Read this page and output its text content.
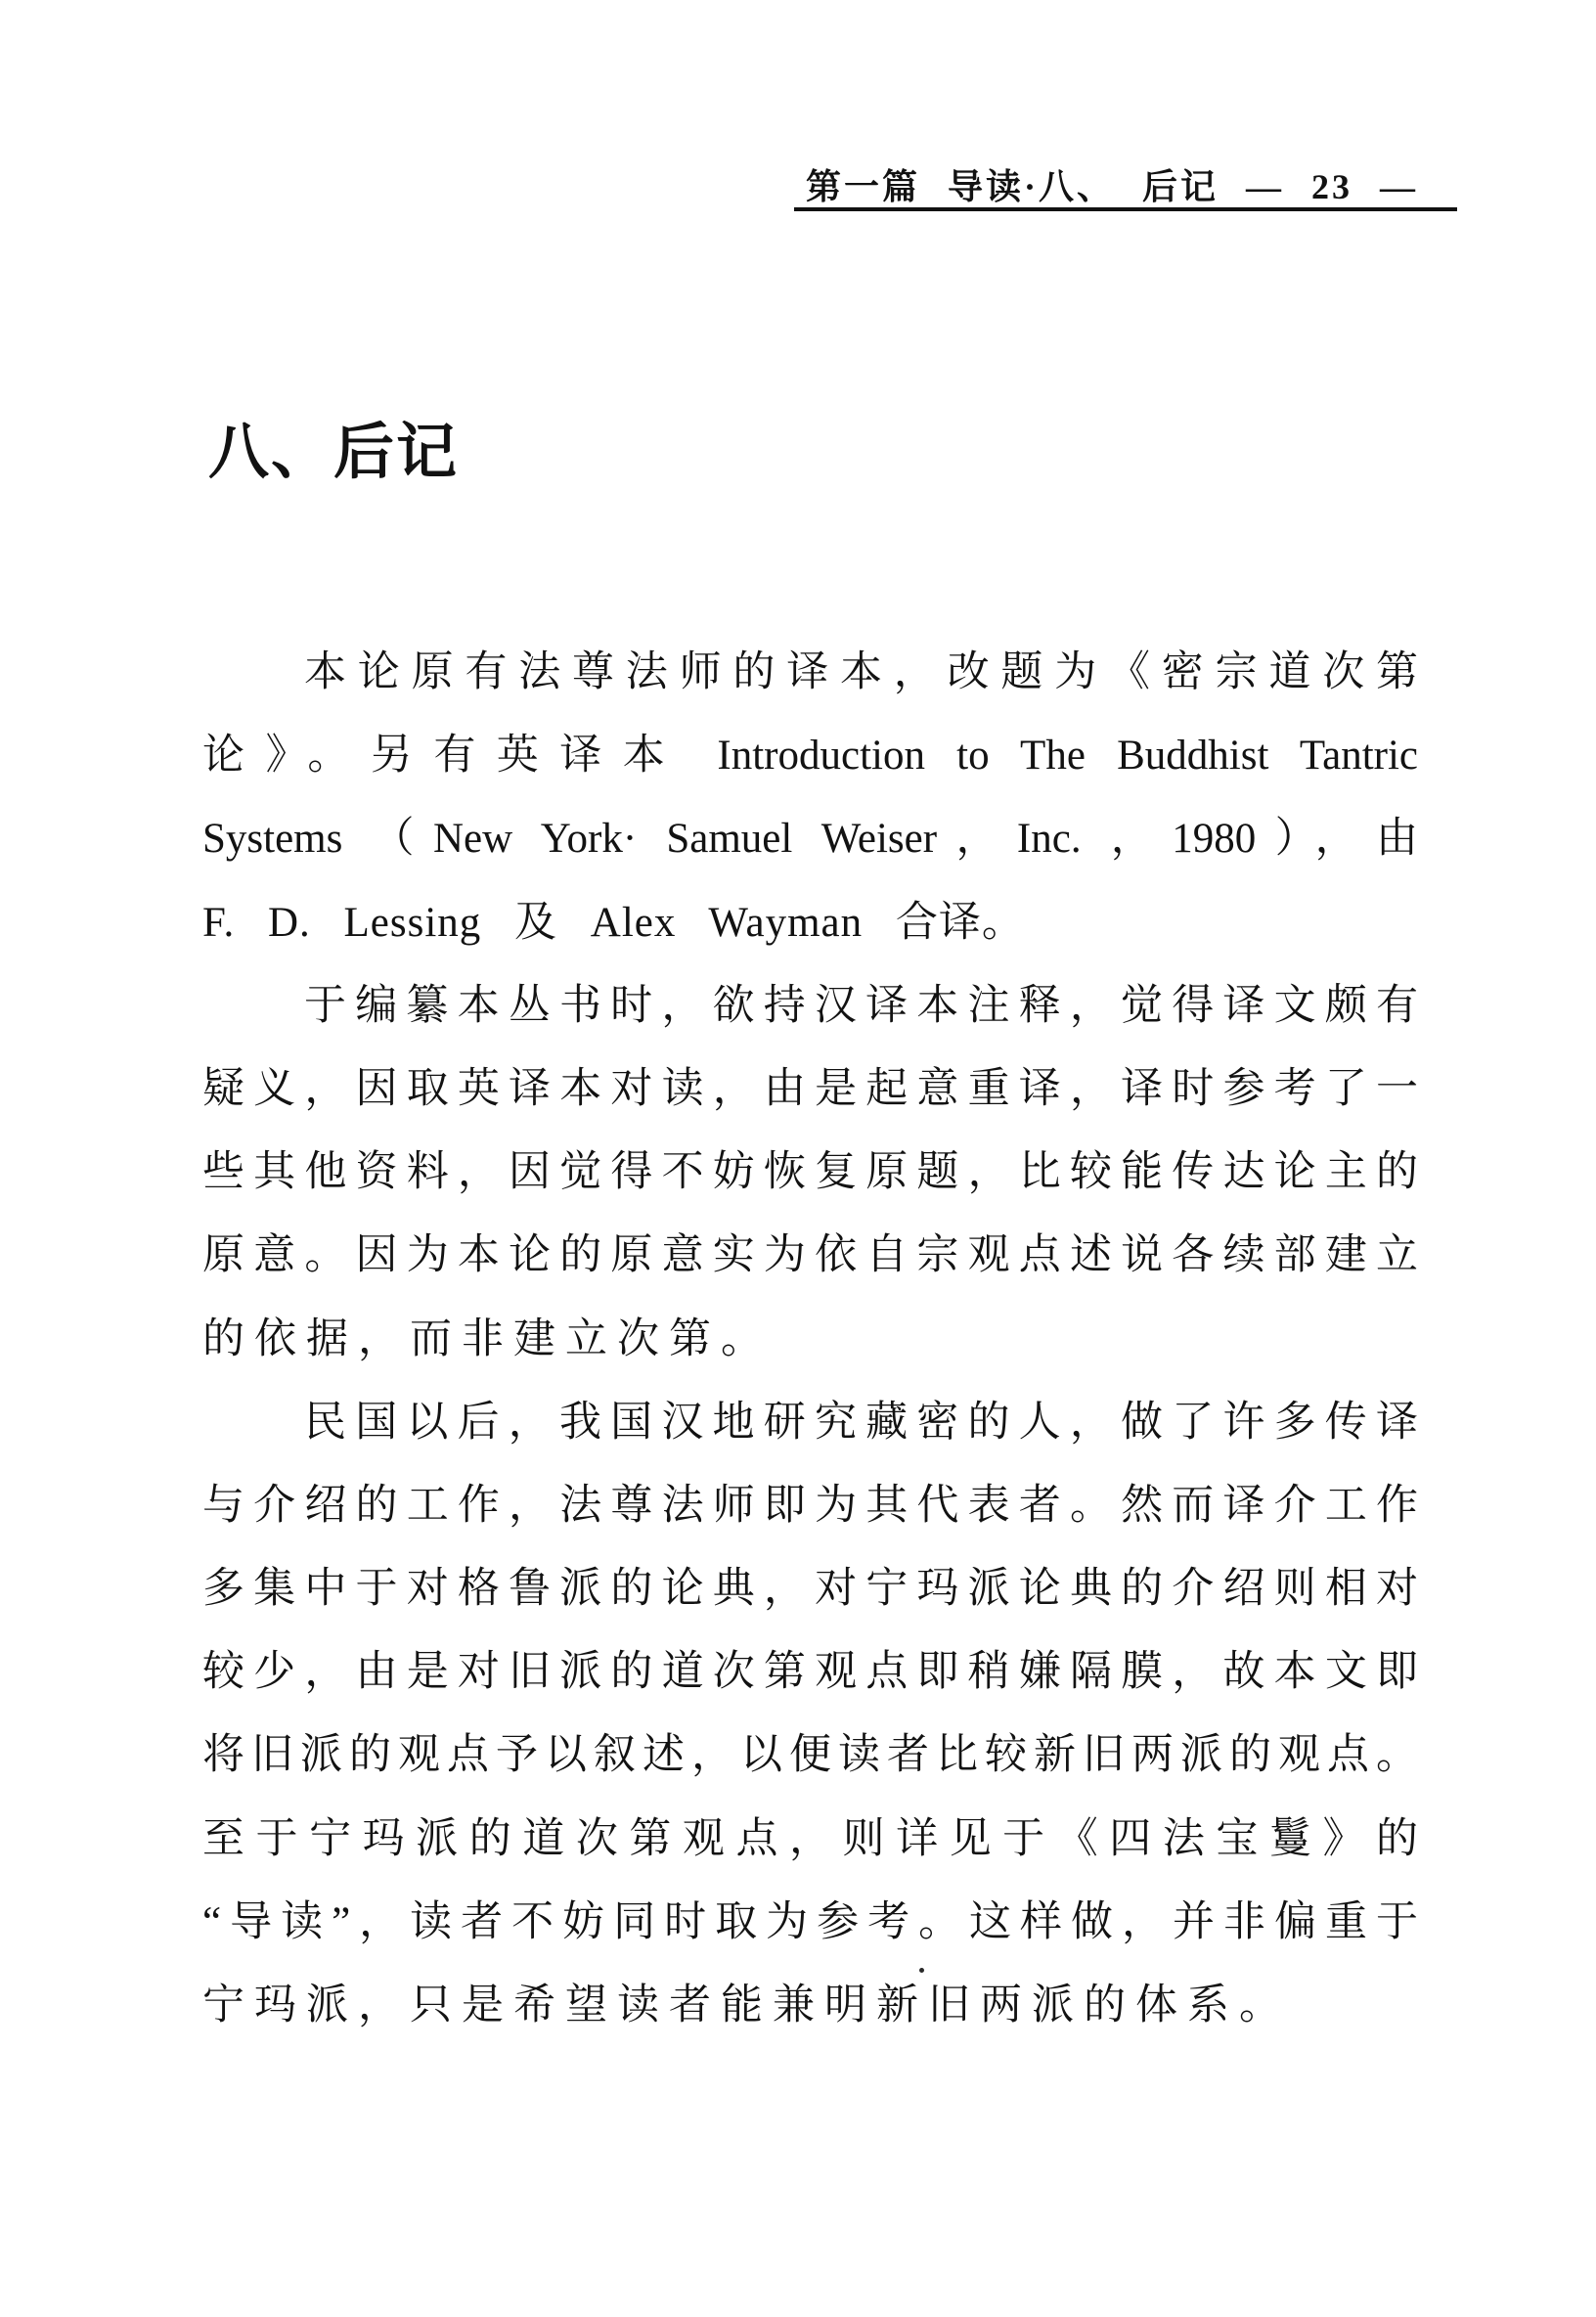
第一篇 导读·八、 后记 — 23 —
八、后记
本论原有法尊法师的译本，改题为《密宗道次第
论》。另有英译本 Introduction to The Buddhist Tantric
Systems （New York· Samuel Weiser，Inc. ，1980），由
F. D. Lessing 及 Alex Wayman 合译。
于编纂本丛书时，欲持汉译本注释，觉得译文颇有
疑义，因取英译本对读，由是起意重译，译时参考了一
些其他资料，因觉得不妨恢复原题，比较能传达论主的
原意。因为本论的原意实为依自宗观点述说各续部建立
的依据，而非建立次第。
民国以后，我国汉地研究藏密的人，做了许多传译
与介绍的工作，法尊法师即为其代表者。然而译介工作
多集中于对格鲁派的论典，对宁玛派论典的介绍则相对
较少，由是对旧派的道次第观点即稍嫌隔膜，故本文即
将旧派的观点予以叙述，以便读者比较新旧两派的观点。
至于宁玛派的道次第观点，则详见于《四法宝鬘》的
“导读”，读者不妨同时取为参考。这样做，并非偏重于
宁玛派，只是希望读者能兼明新旧两派的体系。
